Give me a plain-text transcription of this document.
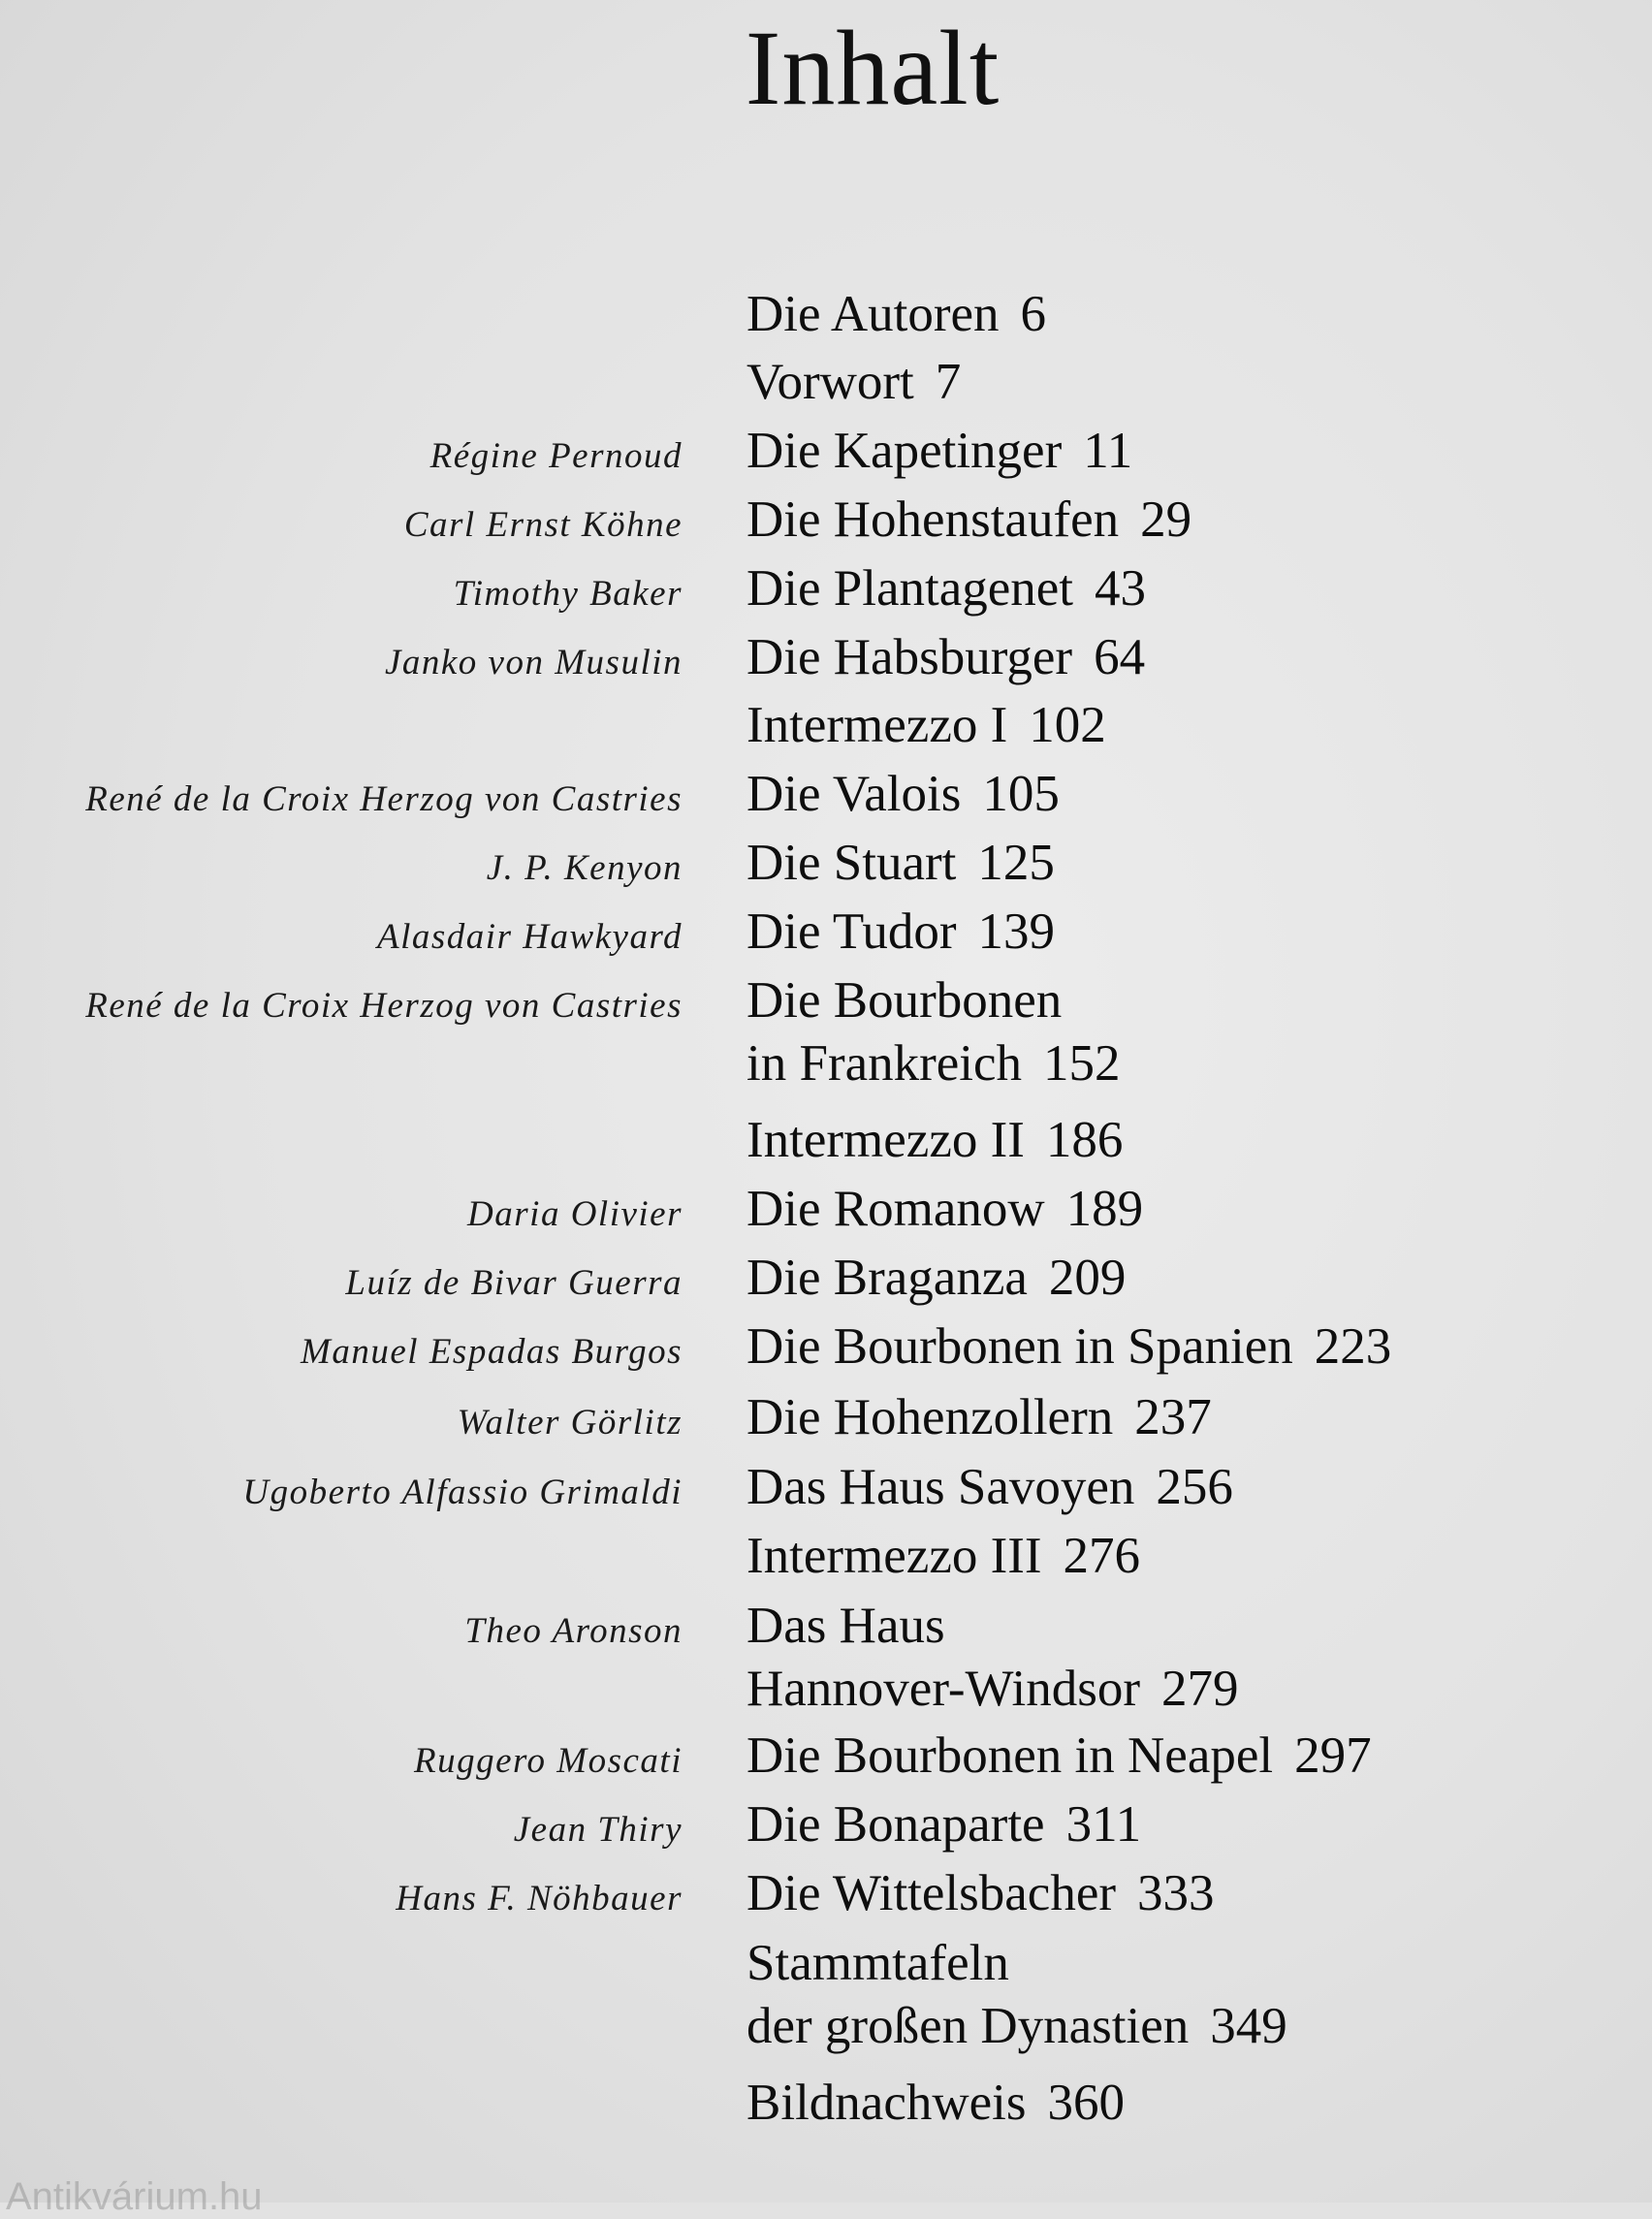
Inhalt
Die Autoren 6
Vorwort 7
Régine Pernoud Die Kapetinger 11
Carl Ernst Köhne Die Hohenstaufen 29
Timothy Baker Die Plantagenet 43
Janko von Musulin Die Habsburger 64
Intermezzo I 102
René de la Croix Herzog von Castries Die Valois 105
J. P. Kenyon Die Stuart 125
Alasdair Hawkyard Die Tudor 139
René de la Croix Herzog von Castries Die Bourbonen
in Frankreich 152
Intermezzo II 186
Daria Olivier Die Romanow 189
Luíz de Bivar Guerra Die Braganza 209
Manuel Espadas Burgos Die Bourbonen in Spanien 223
Walter Görlitz Die Hohenzollern 237
Ugoberto Alfassio Grimaldi Das Haus Savoyen 256
Intermezzo III 276
Theo Aronson Das Haus
Hannover-Windsor 279
Ruggero Moscati Die Bourbonen in Neapel 297
Jean Thiry Die Bonaparte 311
Hans F. Nöhbauer Die Wittelsbacher 333
Stammtafeln
der großen Dynastien 349
Bildnachweis 360
Antikvárium.hu
